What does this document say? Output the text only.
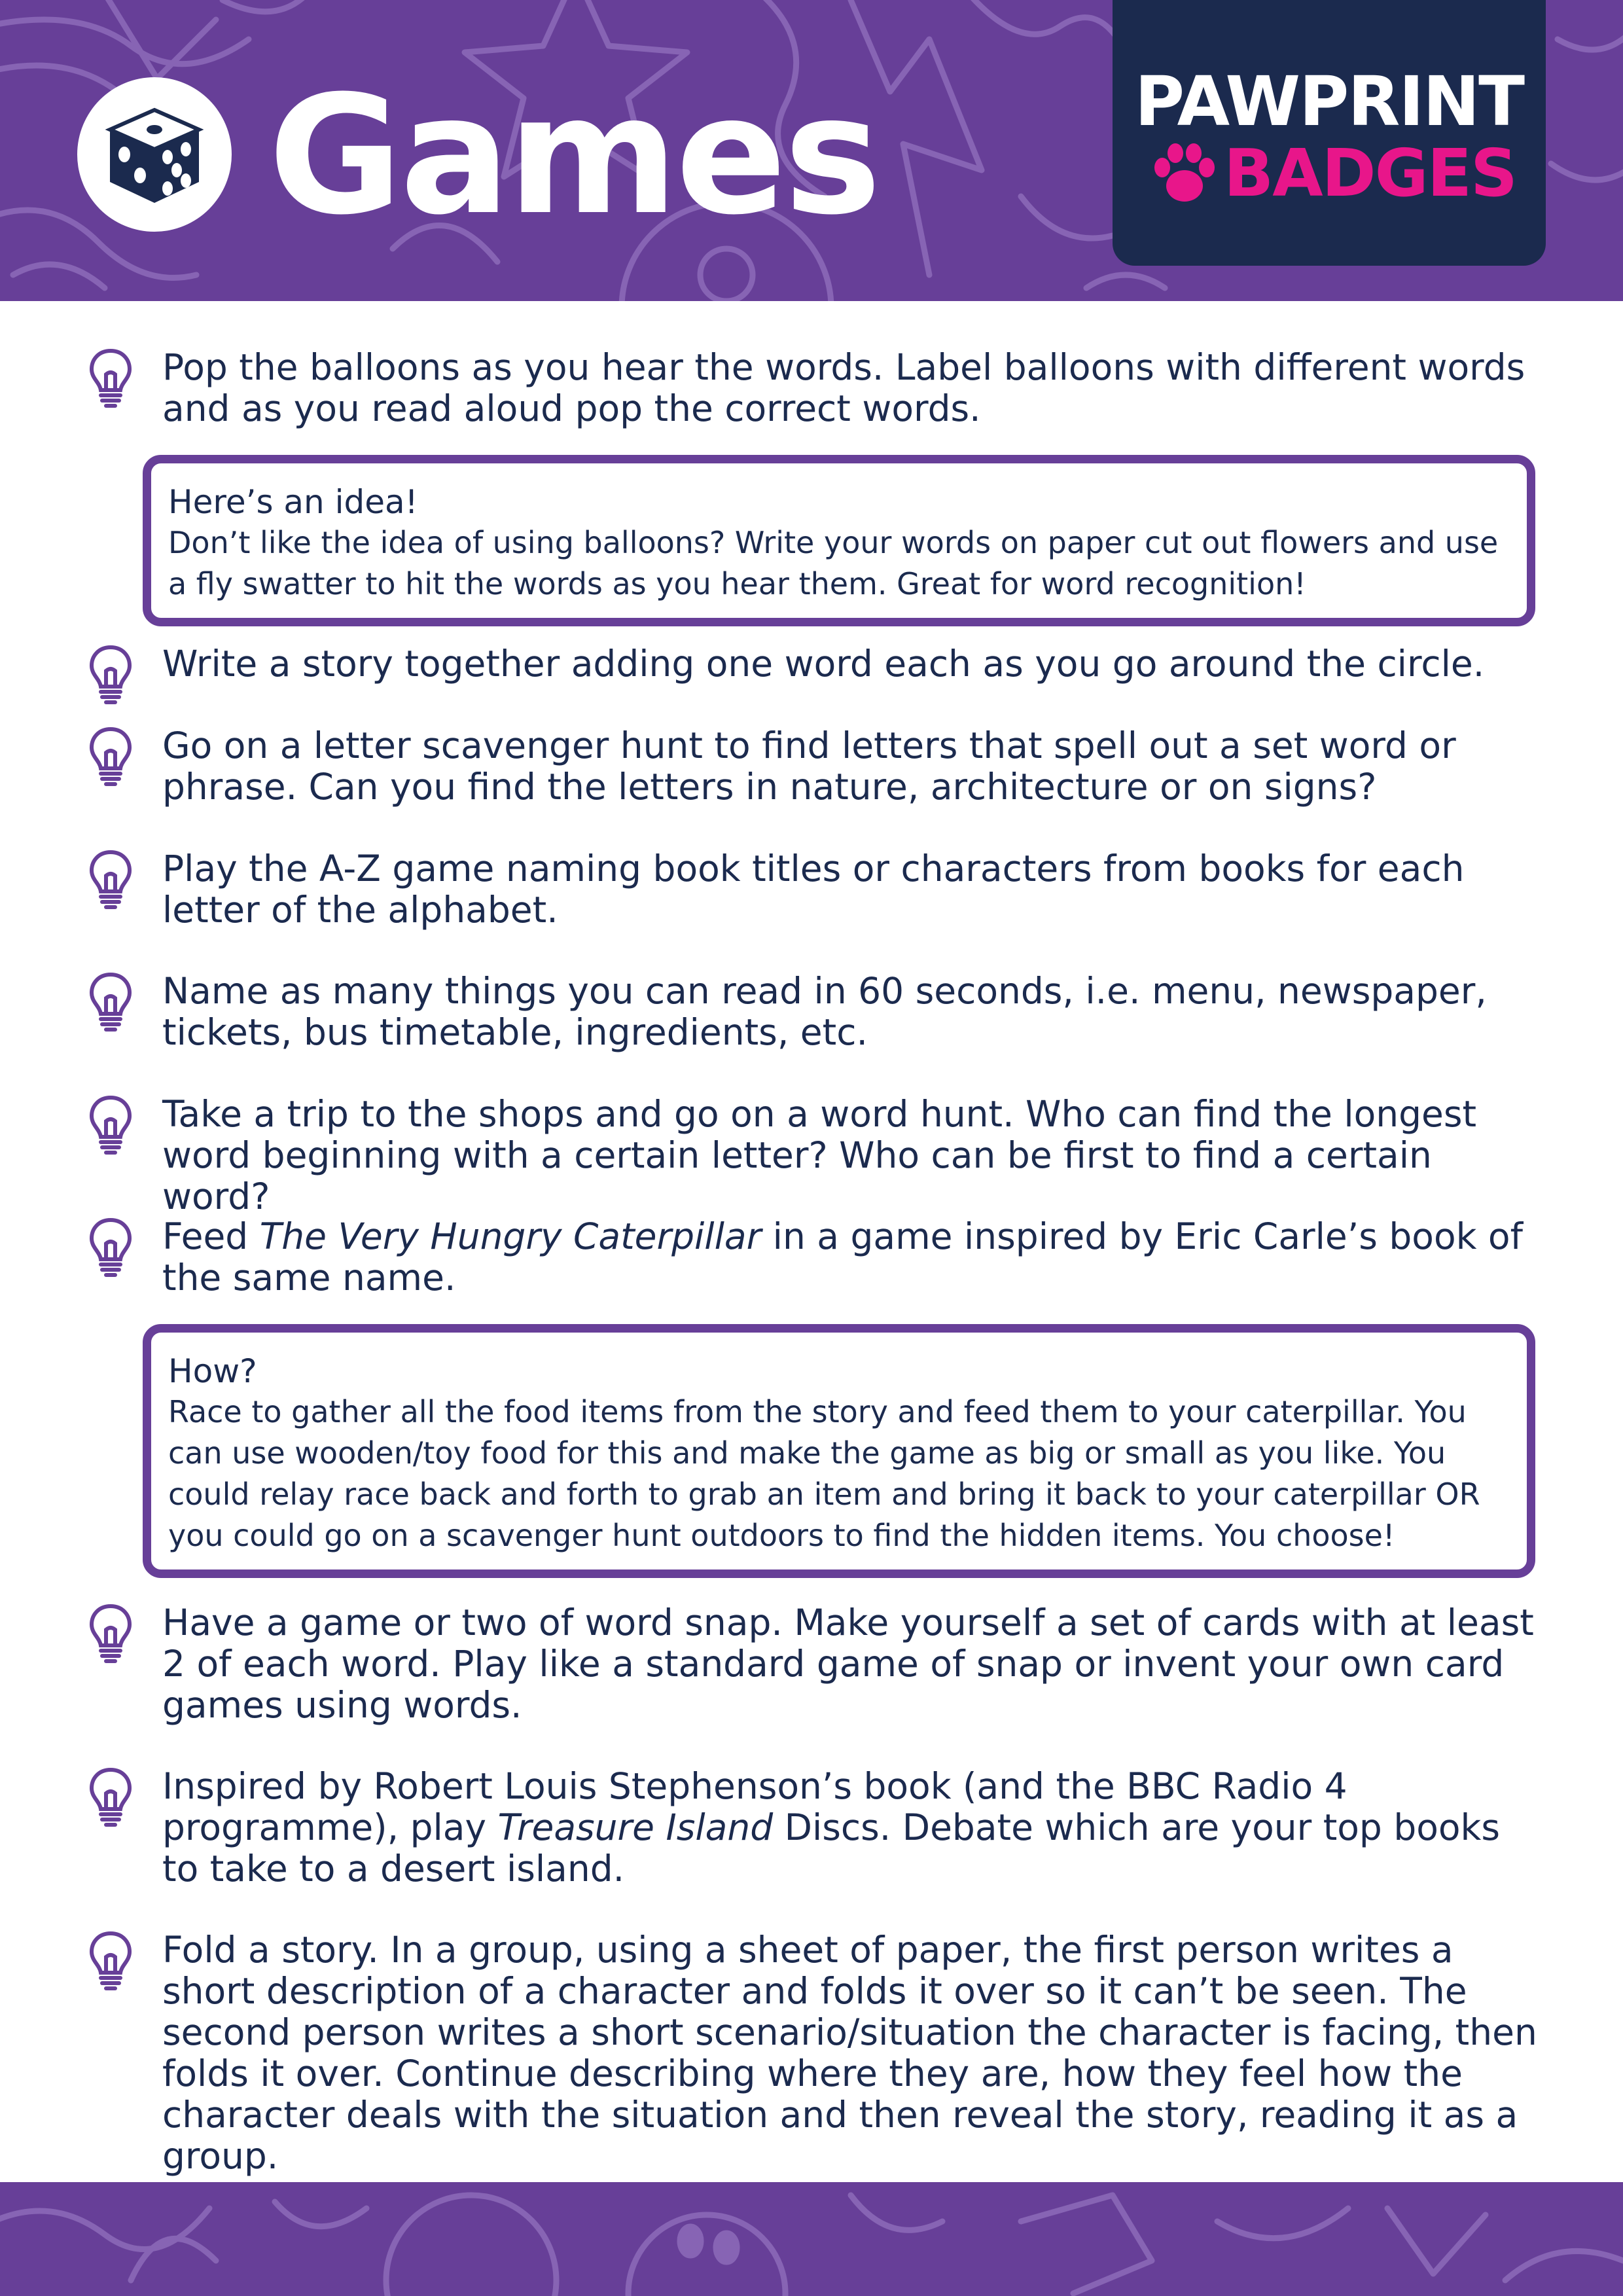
Games	PAWPRINT
BADGES
Pop the balloons as you hear the words. Label balloons with different words and as you read aloud pop the correct words.
Here’s an idea!
Don’t like the idea of using balloons? Write your words on paper cut out flowers and use a fly swatter to hit the words as you hear them. Great for word recognition!
Write a story together adding one word each as you go around the circle.
Go on a letter scavenger hunt to find letters that spell out a set word or phrase. Can you find the letters in nature, architecture or on signs?
Play the A-Z game naming book titles or characters from books for each letter of the alphabet.
Name as many things you can read in 60 seconds, i.e. menu, newspaper, tickets, bus timetable, ingredients, etc.
Take a trip to the shops and go on a word hunt. Who can find the longest word beginning with a certain letter? Who can be first to find a certain word?
Feed The Very Hungry Caterpillar in a game inspired by Eric Carle’s book of the same name.
How?
Race to gather all the food items from the story and feed them to your caterpillar. You can use wooden/toy food for this and make the game as big or small as you like. You could relay race back and forth to grab an item and bring it back to your caterpillar OR you could go on a scavenger hunt outdoors to find the hidden items. You choose!
Have a game or two of word snap. Make yourself a set of cards with at least 2 of each word. Play like a standard game of snap or invent your own card games using words.
Inspired by Robert Louis Stephenson’s book (and the BBC Radio 4 programme), play Treasure Island Discs. Debate which are your top books to take to a desert island.
Fold a story. In a group, using a sheet of paper, the first person writes a short description of a character and folds it over so it can’t be seen. The second person writes a short scenario/situation the character is facing, then folds it over. Continue describing where they are, how they feel how the character deals with the situation and then reveal the story, reading it as a group.
